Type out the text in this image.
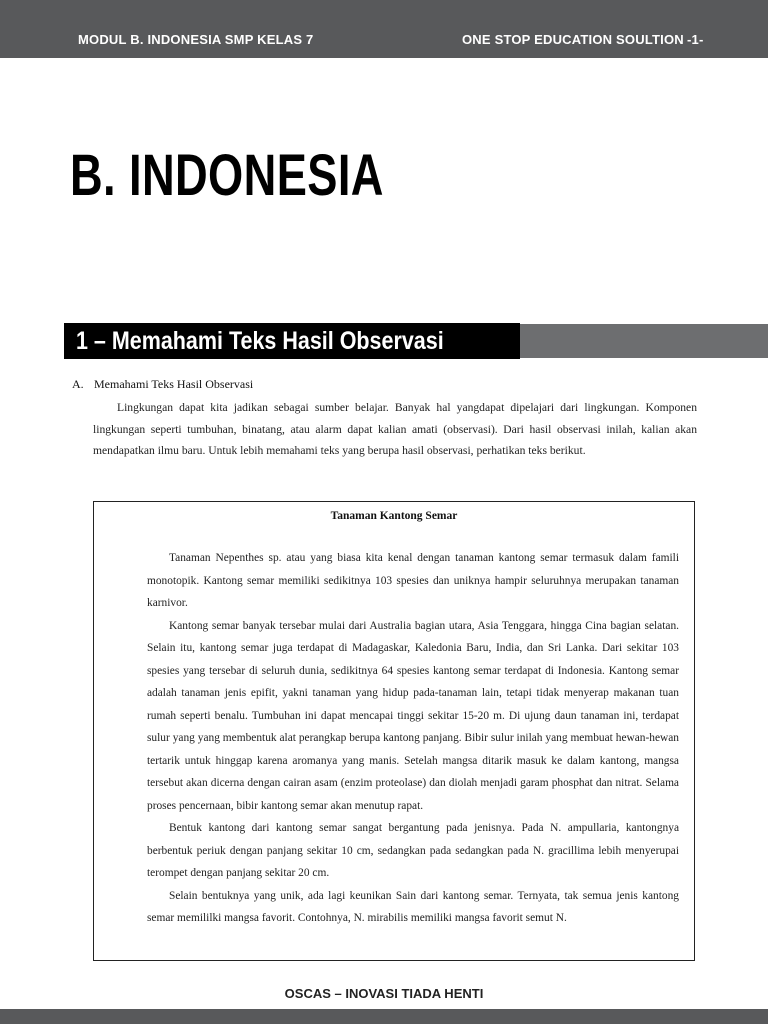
MODUL B. INDONESIA SMP KELAS 7	ONE STOP EDUCATION SOULTION -1-
B. INDONESIA
1 – Memahami Teks Hasil Observasi
A. Memahami Teks Hasil Observasi

Lingkungan dapat kita jadikan sebagai sumber belajar. Banyak hal yangdapat dipelajari dari lingkungan. Komponen lingkungan seperti tumbuhan, binatang, atau alarm dapat kalian amati (observasi). Dari hasil observasi inilah, kalian akan mendapatkan ilmu baru. Untuk lebih memahami teks yang berupa hasil observasi, perhatikan teks berikut.

Tanaman Kantong Semar

Tanaman Nepenthes sp. atau yang biasa kita kenal dengan tanaman kantong semar termasuk dalam famili monotopik. Kantong semar memiliki sedikitnya 103 spesies dan uniknya hampir seluruhnya merupakan tanaman karnivor.

Kantong semar banyak tersebar mulai dari Australia bagian utara, Asia Tenggara, hingga Cina bagian selatan. Selain itu, kantong semar juga terdapat di Madagaskar, Kaledonia Baru, India, dan Sri Lanka. Dari sekitar 103 spesies yang tersebar di seluruh dunia, sedikitnya 64 spesies kantong semar terdapat di Indonesia. Kantong semar adalah tanaman jenis epifit, yakni tanaman yang hidup pada-tanaman lain, tetapi tidak menyerap makanan tuan rumah seperti benalu. Tumbuhan ini dapat mencapai tinggi sekitar 15-20 m. Di ujung daun tanaman ini, terdapat sulur yang yang membentuk alat perangkap berupa kantong panjang. Bibir sulur inilah yang membuat hewan-hewan tertarik untuk hinggap karena aromanya yang manis. Setelah mangsa ditarik masuk ke dalam kantong, mangsa tersebut akan dicerna dengan cairan asam (enzim proteolase) dan diolah menjadi garam phosphat dan nitrat. Selama proses pencernaan, bibir kantong semar akan menutup rapat.

Bentuk kantong dari kantong semar sangat bergantung pada jenisnya. Pada N. ampullaria, kantongnya berbentuk periuk dengan panjang sekitar 10 cm, sedangkan pada sedangkan pada N. gracillima lebih menyerupai terompet dengan panjang sekitar 20 cm.

Selain bentuknya yang unik, ada lagi keunikan Sain dari kantong semar. Ternyata, tak semua jenis kantong semar memililki mangsa favorit. Contohnya, N. mirabilis memiliki mangsa favorit semut N.

OSCAS – INOVASI TIADA HENTI
